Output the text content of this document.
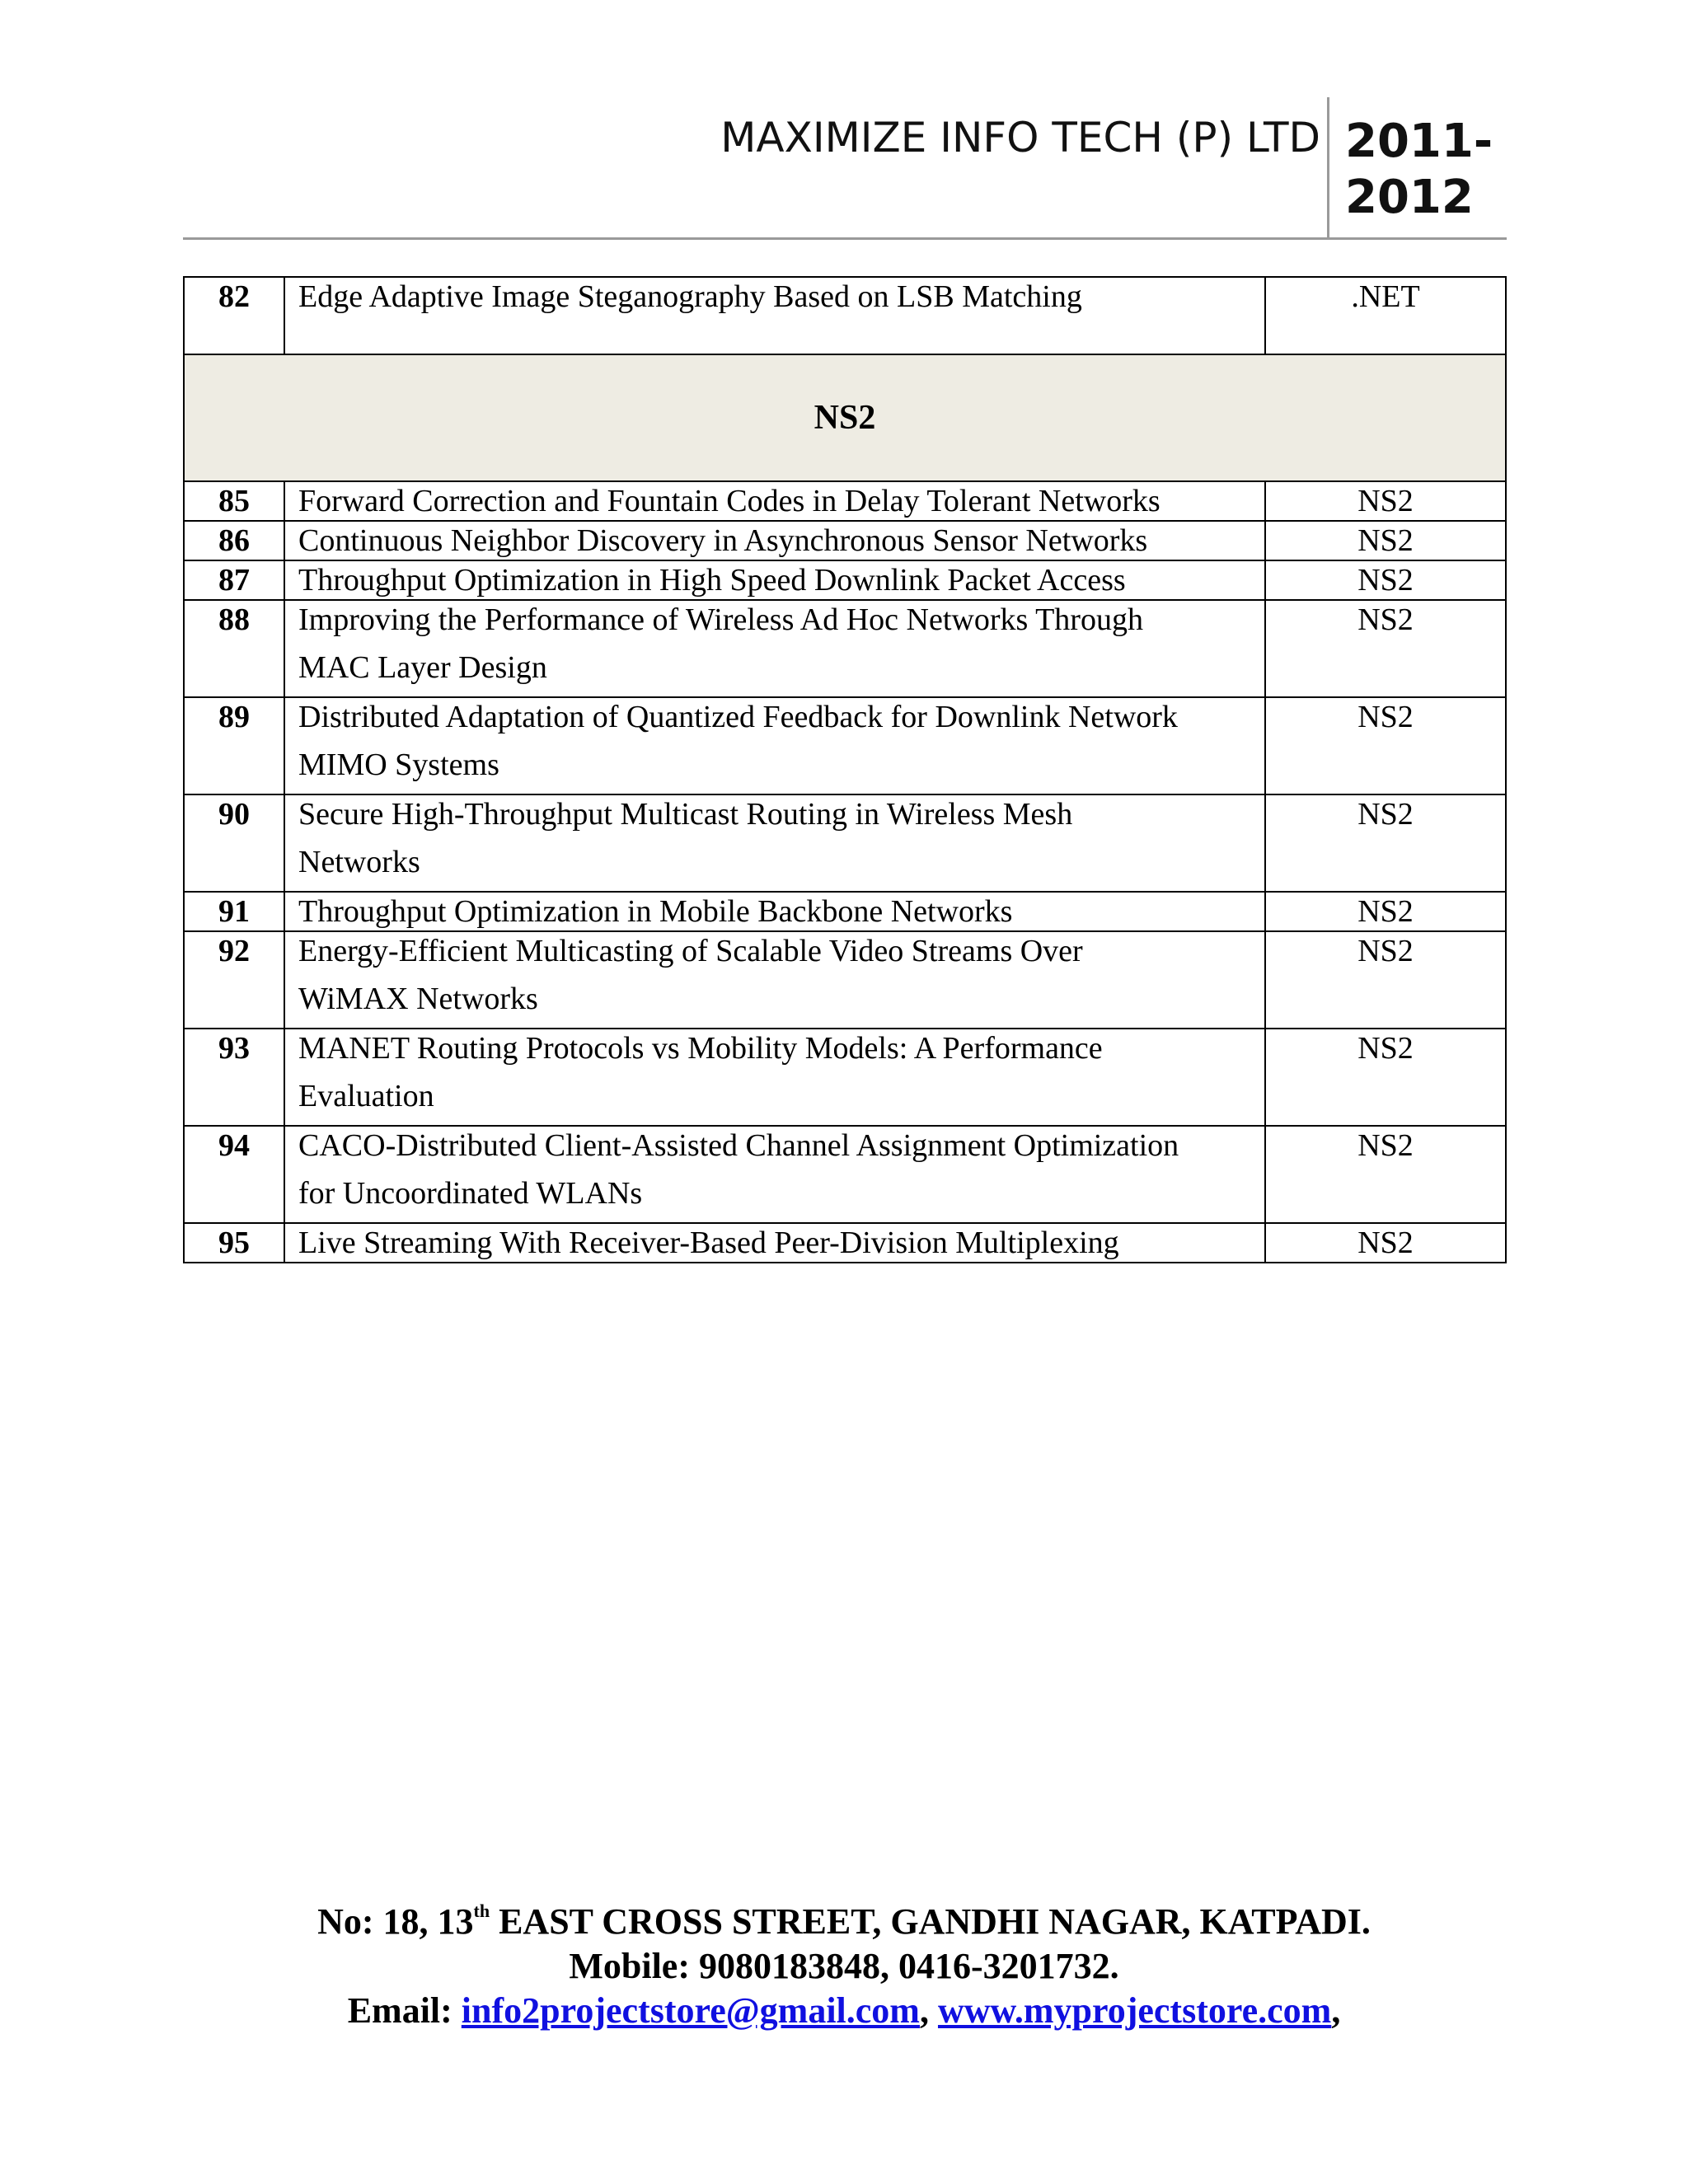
MAXIMIZE INFO TECH (P) LTD 2011-
2012
82	Edge Adaptive Image Steganography Based on LSB Matching	.NET
NS2		
85	Forward Correction and Fountain Codes in Delay Tolerant Networks	NS2
86	Continuous Neighbor Discovery in Asynchronous Sensor Networks	NS2
87	Throughput Optimization in High Speed Downlink Packet Access	NS2
88	Improving the Performance of Wireless Ad Hoc Networks Through
MAC Layer Design	NS2
89	Distributed Adaptation of Quantized Feedback for Downlink Network
MIMO Systems	NS2
90	Secure High-Throughput Multicast Routing in Wireless Mesh
Networks	NS2
91	Throughput Optimization in Mobile Backbone Networks	NS2
92	Energy-Efficient Multicasting of Scalable Video Streams Over
WiMAX Networks	NS2
93	MANET Routing Protocols vs Mobility Models: A Performance
Evaluation	NS2
94	CACO-Distributed Client-Assisted Channel Assignment Optimization
for Uncoordinated WLANs	NS2
95	Live Streaming With Receiver-Based Peer-Division Multiplexing	NS2
No: 18, 13th EAST CROSS STREET, GANDHI NAGAR, KATPADI.
Mobile: 9080183848, 0416-3201732.
Email: info2projectstore@gmail.com, www.myprojectstore.com,
